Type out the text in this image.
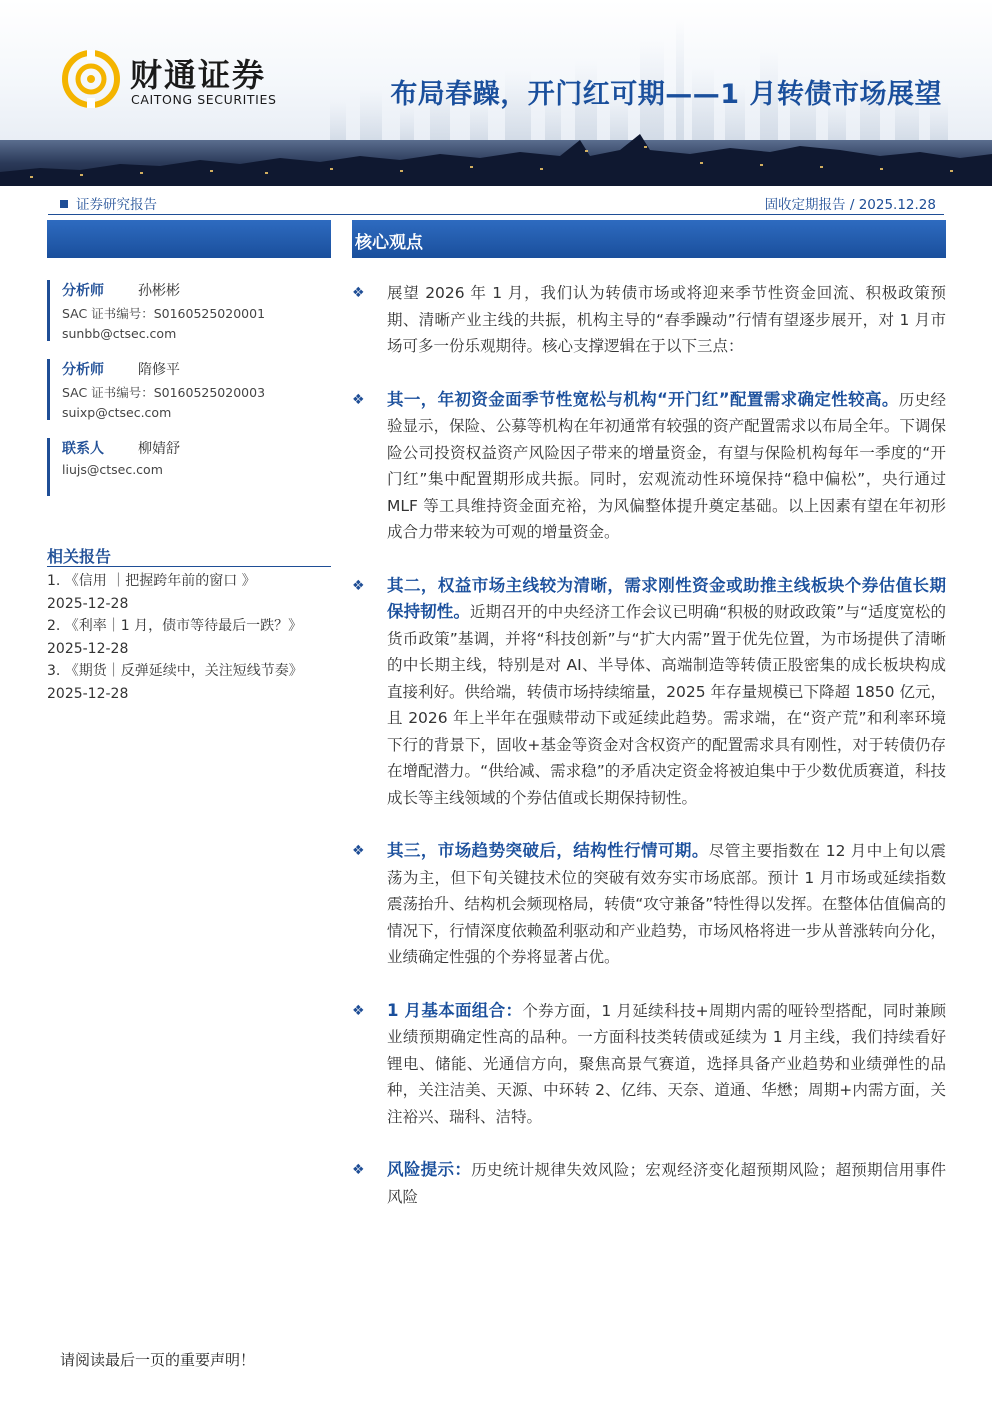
财通证券
CAITONG SECURITIES	布局春躁，开门红可期——1 月转债市场展望
证券研究报告	固收定期报告 / 2025.12.28
核心观点
分析师 孙彬彬
SAC 证书编号：S0160525020001
sunbb@ctsec.com
分析师 隋修平
SAC 证书编号：S0160525020003
suixp@ctsec.com
联系人 柳婧舒
liujs@ctsec.com
相关报告
1. 《信用 ｜把握跨年前的窗口 》
2025-12-28
2. 《利率｜1 月，债市等待最后一跌？》
2025-12-28
3. 《期货｜反弹延续中，关注短线节奏》
2025-12-28
❖ 展望 2026 年 1 月，我们认为转债市场或将迎来季节性资金回流、积极政策预期、清晰产业主线的共振，机构主导的“春季躁动”行情有望逐步展开，对 1 月市场可多一份乐观期待。核心支撑逻辑在于以下三点：
❖ 其一，年初资金面季节性宽松与机构“开门红”配置需求确定性较高。历史经验显示，保险、公募等机构在年初通常有较强的资产配置需求以布局全年。下调保险公司投资权益资产风险因子带来的增量资金，有望与保险机构每年一季度的“开门红”集中配置期形成共振。同时，宏观流动性环境保持“稳中偏松”，央行通过 MLF 等工具维持资金面充裕，为风偏整体提升奠定基础。以上因素有望在年初形成合力带来较为可观的增量资金。
❖ 其二，权益市场主线较为清晰，需求刚性资金或助推主线板块个券估值长期保持韧性。近期召开的中央经济工作会议已明确“积极的财政政策”与“适度宽松的货币政策”基调，并将“科技创新”与“扩大内需”置于优先位置，为市场提供了清晰的中长期主线，特别是对 AI、半导体、高端制造等转债正股密集的成长板块构成直接利好。供给端，转债市场持续缩量，2025 年存量规模已下降超 1850 亿元，且 2026 年上半年在强赎带动下或延续此趋势。需求端，在“资产荒”和利率环境下行的背景下，固收+基金等资金对含权资产的配置需求具有刚性，对于转债仍存在增配潜力。“供给减、需求稳”的矛盾决定资金将被迫集中于少数优质赛道，科技成长等主线领域的个券估值或长期保持韧性。
❖ 其三，市场趋势突破后，结构性行情可期。尽管主要指数在 12 月中上旬以震荡为主，但下旬关键技术位的突破有效夯实市场底部。预计 1 月市场或延续指数震荡抬升、结构机会频现格局，转债“攻守兼备”特性得以发挥。在整体估值偏高的情况下，行情深度依赖盈利驱动和产业趋势，市场风格将进一步从普涨转向分化，业绩确定性强的个券将显著占优。
❖ 1 月基本面组合：个券方面，1 月延续科技+周期内需的哑铃型搭配，同时兼顾业绩预期确定性高的品种。一方面科技类转债或延续为 1 月主线，我们持续看好锂电、储能、光通信方向，聚焦高景气赛道，选择具备产业趋势和业绩弹性的品种，关注洁美、天源、中环转 2、亿纬、天奈、道通、华懋；周期+内需方面，关注裕兴、瑞科、洁特。
❖ 风险提示：历史统计规律失效风险；宏观经济变化超预期风险；超预期信用事件风险
请阅读最后一页的重要声明！
